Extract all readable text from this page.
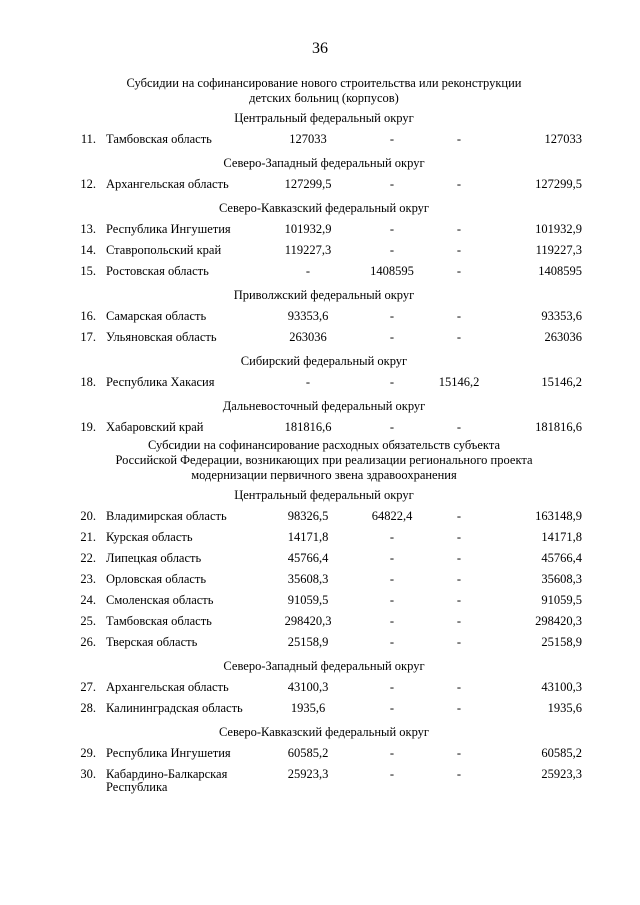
36
Субсидии на софинансирование нового строительства или реконструкции
детских больниц (корпусов)
Центральный федеральный округ
11. Тамбовская область	127033	-	-	127033
Северо-Западный федеральный округ
12. Архангельская область	127299,5	-	-	127299,5
Северо-Кавказский федеральный округ
13. Республика Ингушетия	101932,9	-	-	101932,9
14. Ставропольский край	119227,3	-	-	119227,3
15. Ростовская область	-	1408595	-	1408595
Приволжский федеральный округ
16. Самарская область	93353,6	-	-	93353,6
17. Ульяновская область	263036	-	-	263036
Сибирский федеральный округ
18. Республика Хакасия	-	-	15146,2	15146,2
Дальневосточный федеральный округ
19. Хабаровский край	181816,6	-	-	181816,6
Субсидии на софинансирование расходных обязательств субъекта
Российской Федерации, возникающих при реализации регионального проекта
модернизации первичного звена здравоохранения
Центральный федеральный округ
20. Владимирская область	98326,5	64822,4	-	163148,9
21. Курская область	14171,8	-	-	14171,8
22. Липецкая область	45766,4	-	-	45766,4
23. Орловская область	35608,3	-	-	35608,3
24. Смоленская область	91059,5	-	-	91059,5
25. Тамбовская область	298420,3	-	-	298420,3
26. Тверская область	25158,9	-	-	25158,9
Северо-Западный федеральный округ
27. Архангельская область	43100,3	-	-	43100,3
28. Калининградская область	1935,6	-	-	1935,6
Северо-Кавказский федеральный округ
29. Республика Ингушетия	60585,2	-	-	60585,2
30. Кабардино-Балкарская Республика
25923,3	-	-	25923,3
